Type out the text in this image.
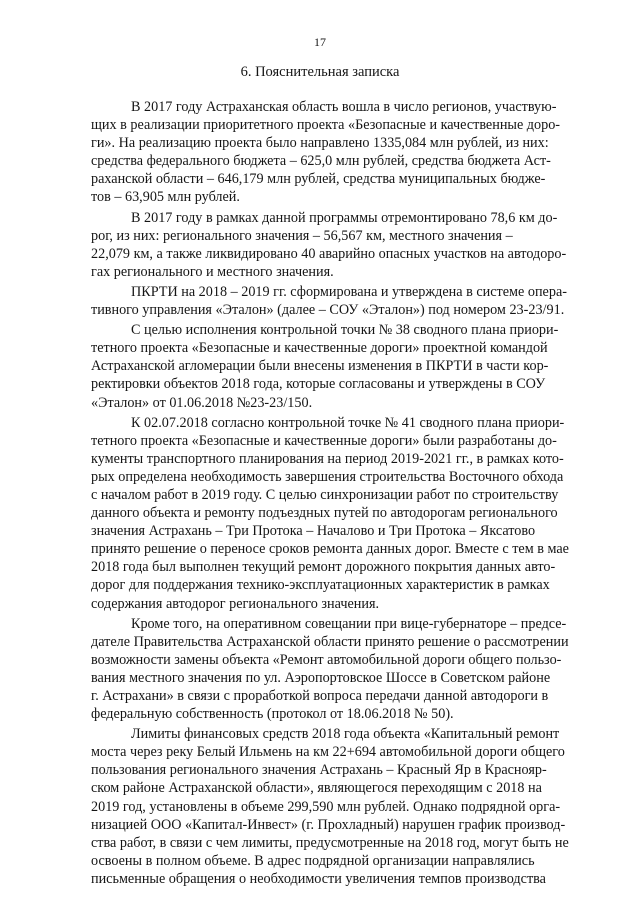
17
6. Пояснительная записка
В 2017 году Астраханская область вошла в число регионов, участвую-
щих в реализации приоритетного проекта «Безопасные и качественные доро-
ги». На реализацию проекта было направлено 1335,084 млн рублей, из них:
средства федерального бюджета – 625,0 млн рублей, средства бюджета Аст-
раханской области – 646,179 млн рублей, средства муниципальных бюдже-
тов – 63,905 млн рублей.
В 2017 году в рамках данной программы отремонтировано 78,6 км до-
рог, из них: регионального значения – 56,567 км, местного значения –
22,079 км, а также ликвидировано 40 аварийно опасных участков на автодоро-
гах регионального и местного значения.
ПКРТИ на 2018 – 2019 гг. сформирована и утверждена в системе опера-
тивного управления «Эталон» (далее – СОУ «Эталон») под номером 23-23/91.
С целью исполнения контрольной точки № 38 сводного плана приори-
тетного проекта «Безопасные и качественные дороги» проектной командой
Астраханской агломерации были внесены изменения в ПКРТИ в части кор-
ректировки объектов 2018 года, которые согласованы и утверждены в СОУ
«Эталон» от 01.06.2018 №23-23/150.
К 02.07.2018 согласно контрольной точке № 41 сводного плана приори-
тетного проекта «Безопасные и качественные дороги» были разработаны до-
кументы транспортного планирования на период 2019-2021 гг., в рамках кото-
рых определена необходимость завершения строительства Восточного обхода
с началом работ в 2019 году. С целью синхронизации работ по строительству
данного объекта и ремонту подъездных путей по автодорогам регионального
значения Астрахань – Три Протока – Началово и Три Протока – Яксатово
принято решение о переносе сроков ремонта данных дорог. Вместе с тем в мае
2018 года был выполнен текущий ремонт дорожного покрытия данных авто-
дорог для поддержания технико-эксплуатационных характеристик в рамках
содержания автодорог регионального значения.
Кроме того, на оперативном совещании при вице-губернаторе – предсе-
дателе Правительства Астраханской области принято решение о рассмотрении
возможности замены объекта «Ремонт автомобильной дороги общего пользо-
вания местного значения по ул. Аэропортовское Шоссе в Советском районе
г. Астрахани» в связи с проработкой вопроса передачи данной автодороги в
федеральную собственность (протокол от 18.06.2018 № 50).
Лимиты финансовых средств 2018 года объекта «Капитальный ремонт
моста через реку Белый Ильмень на км 22+694 автомобильной дороги общего
пользования регионального значения Астрахань – Красный Яр в Краснояр-
ском районе Астраханской области», являющегося переходящим с 2018 на
2019 год, установлены в объеме 299,590 млн рублей. Однако подрядной орга-
низацией ООО «Капитал-Инвест» (г. Прохладный) нарушен график производ-
ства работ, в связи с чем лимиты, предусмотренные на 2018 год, могут быть не
освоены в полном объеме. В адрес подрядной организации направлялись
письменные обращения о необходимости увеличения темпов производства
